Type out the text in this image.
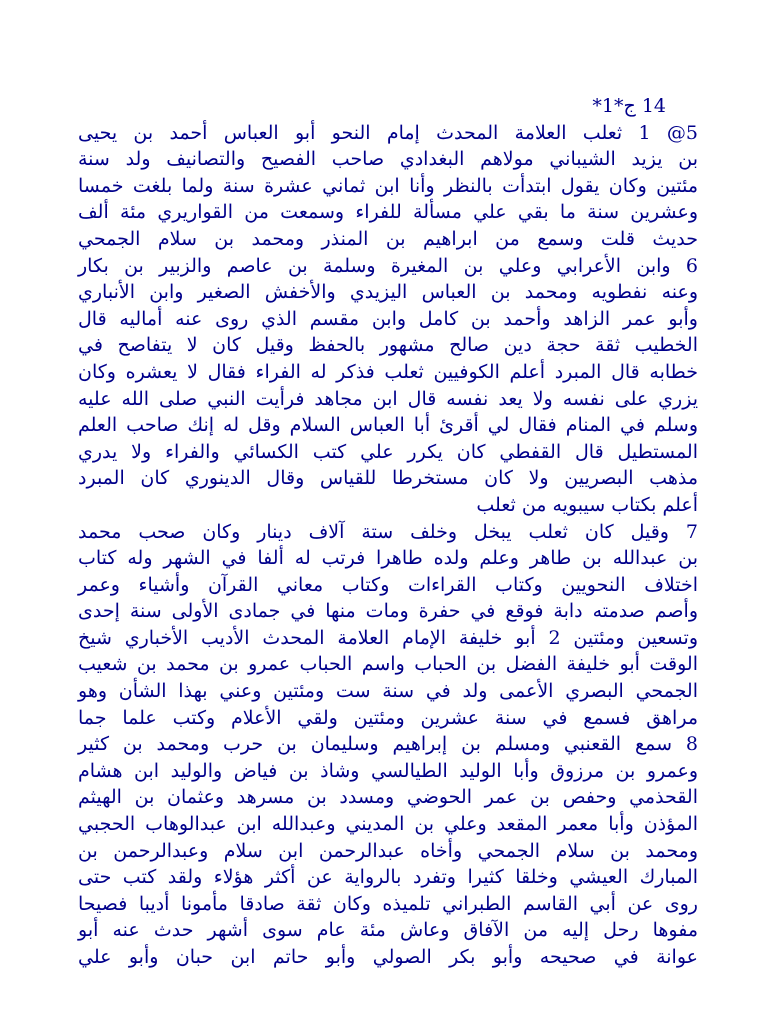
14 ج*1*
5@ 1 ثعلب العلامة المحدث إمام النحو أبو العباس أحمد بن يحيى
بن يزيد الشيباني مولاهم البغدادي صاحب الفصيح والتصانيف ولد سنة
مئتين وكان يقول ابتدأت بالنظر وأنا ابن ثماني عشرة سنة ولما بلغت خمسا
وعشرين سنة ما بقي علي مسألة للفراء وسمعت من القواريري مئة ألف
حديث قلت وسمع من ابراهيم بن المنذر ومحمد بن سلام الجمحي
6 وابن الأعرابي وعلي بن المغيرة وسلمة بن عاصم والزبير بن بكار
وعنه نفطويه ومحمد بن العباس اليزيدي والأخفش الصغير وابن الأنباري
وأبو عمر الزاهد وأحمد بن كامل وابن مقسم الذي روى عنه أماليه قال
الخطيب ثقة حجة دين صالح مشهور بالحفظ وقيل كان لا يتفاصح في
خطابه قال المبرد أعلم الكوفيين ثعلب فذكر له الفراء فقال لا يعشره وكان
يزري على نفسه ولا يعد نفسه قال ابن مجاهد فرأيت النبي صلى الله عليه
وسلم في المنام فقال لي أقرئ أبا العباس السلام وقل له إنك صاحب العلم
المستطيل قال القفطي كان يكرر علي كتب الكسائي والفراء ولا يدري
مذهب البصريين ولا كان مستخرطا للقياس وقال الدينوري كان المبرد
أعلم بكتاب سيبويه من ثعلب
7 وقيل كان ثعلب يبخل وخلف ستة آلاف دينار وكان صحب محمد
بن عبدالله بن طاهر وعلم ولده طاهرا فرتب له ألفا في الشهر وله كتاب
اختلاف النحويين وكتاب القراءات وكتاب معاني القرآن وأشياء وعمر
وأصم صدمته دابة فوقع في حفرة ومات منها في جمادى الأولى سنة إحدى
وتسعين ومئتين 2 أبو خليفة الإمام العلامة المحدث الأديب الأخباري شيخ
الوقت أبو خليفة الفضل بن الحباب واسم الحباب عمرو بن محمد بن شعيب
الجمحي البصري الأعمى ولد في سنة ست ومئتين وعني بهذا الشأن وهو
مراهق فسمع في سنة عشرين ومئتين ولقي الأعلام وكتب علما جما
8 سمع القعنبي ومسلم بن إبراهيم وسليمان بن حرب ومحمد بن كثير
وعمرو بن مرزوق وأبا الوليد الطيالسي وشاذ بن فياض والوليد ابن هشام
القحذمي وحفص بن عمر الحوضي ومسدد بن مسرهد وعثمان بن الهيثم
المؤذن وأبا معمر المقعد وعلي بن المديني وعبدالله ابن عبدالوهاب الحجبي
ومحمد بن سلام الجمحي وأخاه عبدالرحمن ابن سلام وعبدالرحمن بن
المبارك العيشي وخلقا كثيرا وتفرد بالرواية عن أكثر هؤلاء ولقد كتب حتى
روى عن أبي القاسم الطبراني تلميذه وكان ثقة صادقا مأمونا أديبا فصيحا
مفوها رحل إليه من الآفاق وعاش مئة عام سوى أشهر حدث عنه أبو
عوانة في صحيحه وأبو بكر الصولي وأبو حاتم ابن حبان وأبو علي
